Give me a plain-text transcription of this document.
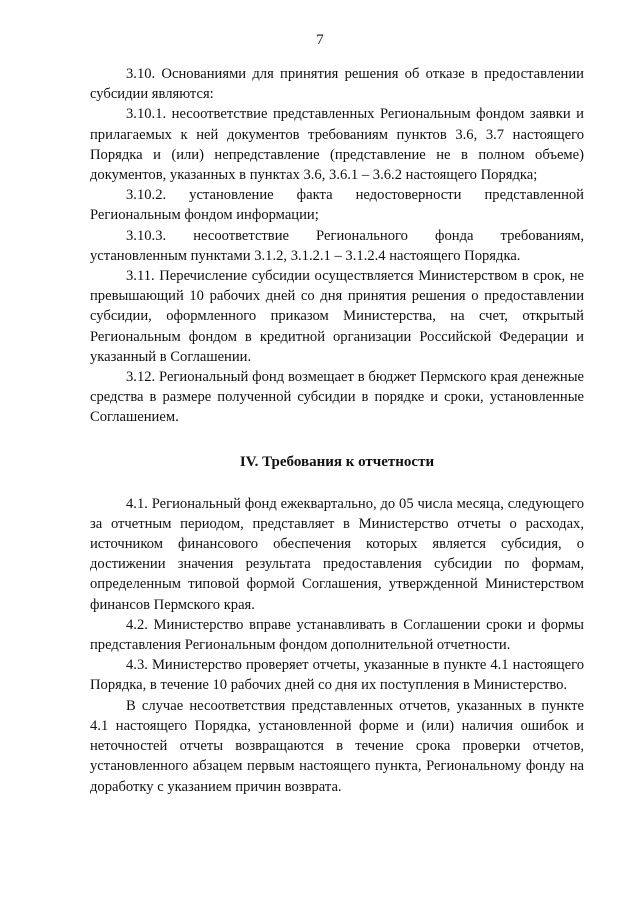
7

3.10. Основаниями для принятия решения об отказе в предоставлении субсидии являются:

3.10.1. несоответствие представленных Региональным фондом заявки и прилагаемых к ней документов требованиям пунктов 3.6, 3.7 настоящего Порядка и (или) непредставление (представление не в полном объеме) документов, указанных в пунктах 3.6, 3.6.1 – 3.6.2 настоящего Порядка;

3.10.2. установление факта недостоверности представленной Региональным фондом информации;

3.10.3. несоответствие Регионального фонда требованиям, установленным пунктами 3.1.2, 3.1.2.1 – 3.1.2.4 настоящего Порядка.

3.11. Перечисление субсидии осуществляется Министерством в срок, не превышающий 10 рабочих дней со дня принятия решения о предоставлении субсидии, оформленного приказом Министерства, на счет, открытый Региональным фондом в кредитной организации Российской Федерации и указанный в Соглашении.

3.12. Региональный фонд возмещает в бюджет Пермского края денежные средства в размере полученной субсидии в порядке и сроки, установленные Соглашением.

IV. Требования к отчетности

4.1. Региональный фонд ежеквартально, до 05 числа месяца, следующего за отчетным периодом, представляет в Министерство отчеты о расходах, источником финансового обеспечения которых является субсидия, о достижении значения результата предоставления субсидии по формам, определенным типовой формой Соглашения, утвержденной Министерством финансов Пермского края.

4.2. Министерство вправе устанавливать в Соглашении сроки и формы представления Региональным фондом дополнительной отчетности.

4.3. Министерство проверяет отчеты, указанные в пункте 4.1 настоящего Порядка, в течение 10 рабочих дней со дня их поступления в Министерство.

В случае несоответствия представленных отчетов, указанных в пункте 4.1 настоящего Порядка, установленной форме и (или) наличия ошибок и неточностей отчеты возвращаются в течение срока проверки отчетов, установленного абзацем первым настоящего пункта, Региональному фонду на доработку с указанием причин возврата.
